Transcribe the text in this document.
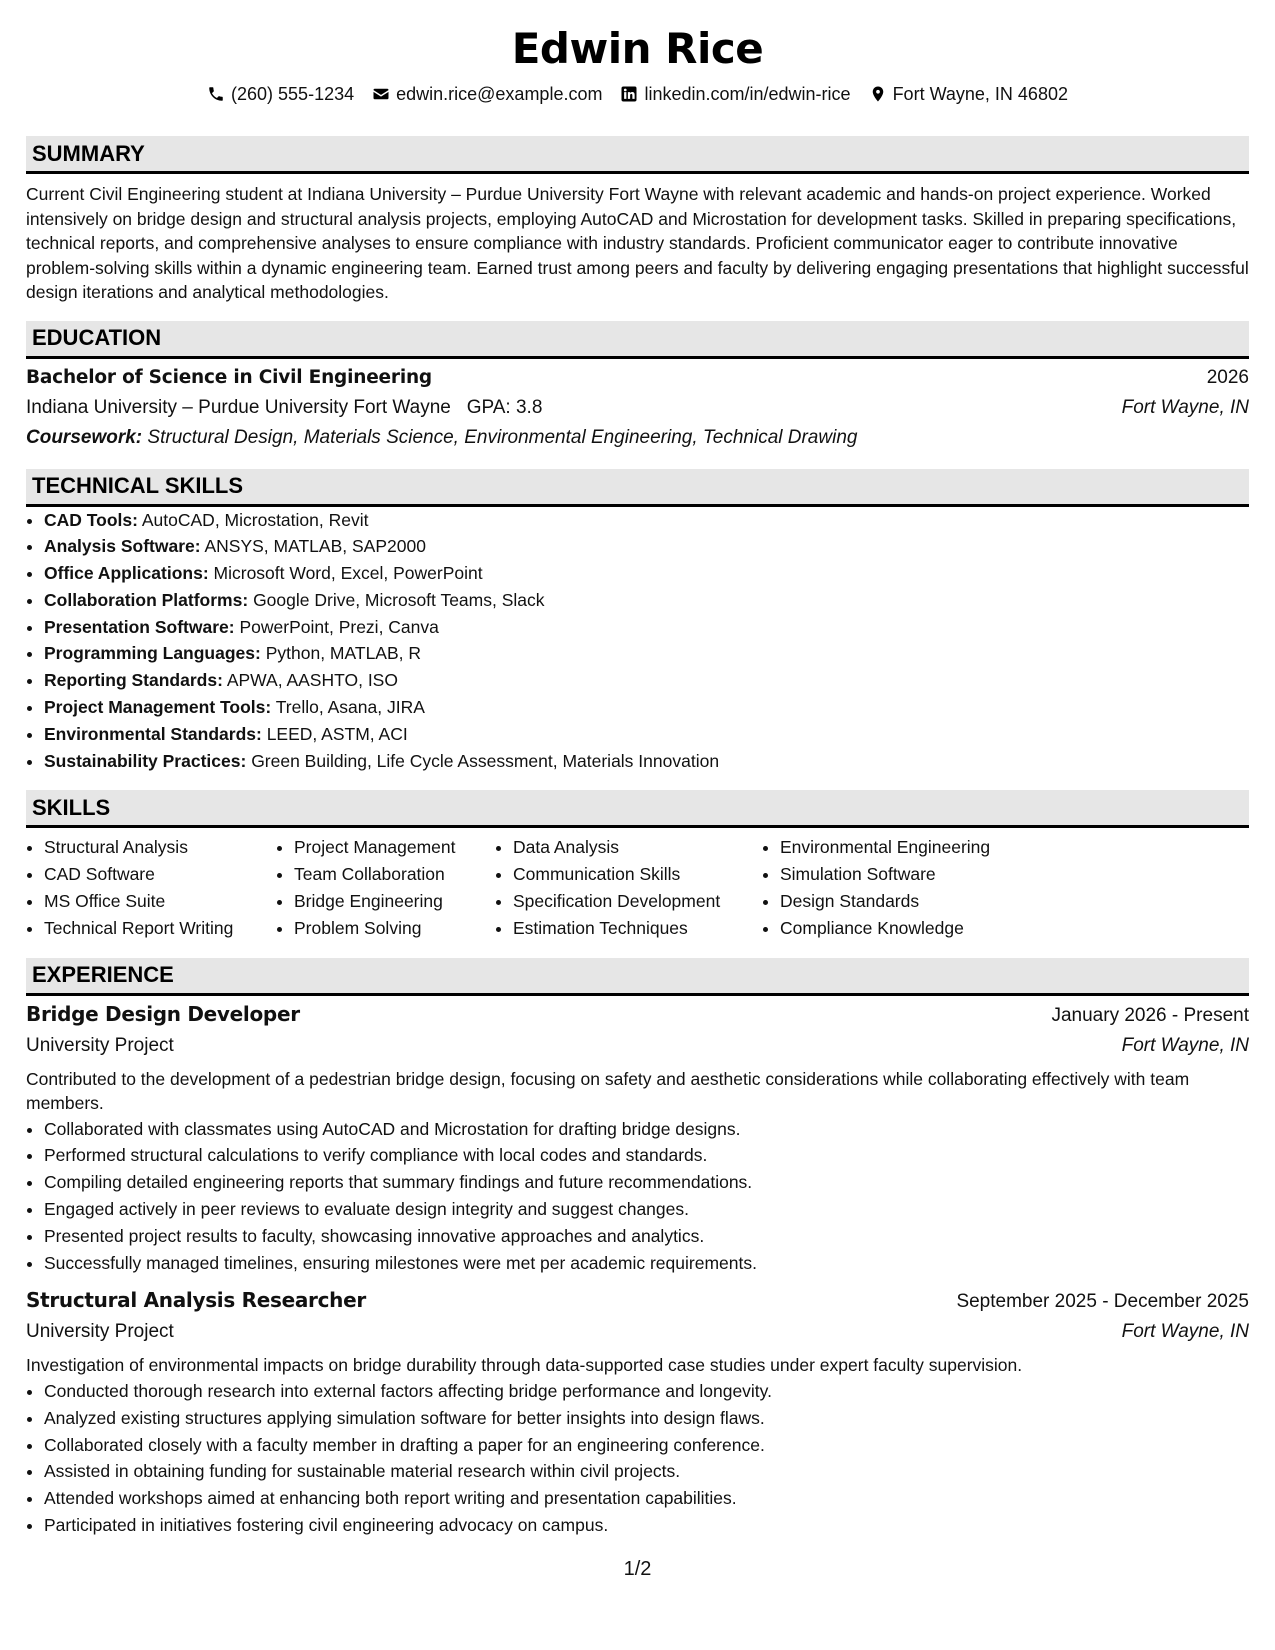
Edwin Rice
(260) 555-1234 edwin.rice@example.com linkedin.com/in/edwin-rice Fort Wayne, IN 46802
SUMMARY

Current Civil Engineering student at Indiana University – Purdue University Fort Wayne with relevant academic and hands-on project experience. Worked intensively on bridge design and structural analysis projects, employing AutoCAD and Microstation for development tasks. Skilled in preparing specifications, technical reports, and comprehensive analyses to ensure compliance with industry standards. Proficient communicator eager to contribute innovative problem-solving skills within a dynamic engineering team. Earned trust among peers and faculty by delivering engaging presentations that highlight successful design iterations and analytical methodologies.

EDUCATION
Bachelor of Science in Civil Engineering	2026
Indiana University – Purdue University Fort Wayne GPA: 3.8	Fort Wayne, IN
Coursework: Structural Design, Materials Science, Environmental Engineering, Technical Drawing
TECHNICAL SKILLS
• CAD Tools: AutoCAD, Microstation, Revit
• Analysis Software: ANSYS, MATLAB, SAP2000
• Office Applications: Microsoft Word, Excel, PowerPoint
• Collaboration Platforms: Google Drive, Microsoft Teams, Slack
• Presentation Software: PowerPoint, Prezi, Canva
• Programming Languages: Python, MATLAB, R
• Reporting Standards: APWA, AASHTO, ISO
• Project Management Tools: Trello, Asana, JIRA
• Environmental Standards: LEED, ASTM, ACI
• Sustainability Practices: Green Building, Life Cycle Assessment, Materials Innovation
SKILLS
• Structural Analysis
• CAD Software
• MS Office Suite
• Technical Report Writing
• Project Management
• Team Collaboration
• Bridge Engineering
• Problem Solving
• Data Analysis
• Communication Skills
• Specification Development
• Estimation Techniques
• Environmental Engineering
• Simulation Software
• Design Standards
• Compliance Knowledge
EXPERIENCE
Bridge Design Developer	January 2026 - Present
University Project	Fort Wayne, IN

Contributed to the development of a pedestrian bridge design, focusing on safety and aesthetic considerations while collaborating effectively with team members.

• Collaborated with classmates using AutoCAD and Microstation for drafting bridge designs.
• Performed structural calculations to verify compliance with local codes and standards.
• Compiling detailed engineering reports that summary findings and future recommendations.
• Engaged actively in peer reviews to evaluate design integrity and suggest changes.
• Presented project results to faculty, showcasing innovative approaches and analytics.
• Successfully managed timelines, ensuring milestones were met per academic requirements.
Structural Analysis Researcher	September 2025 - December 2025
University Project	Fort Wayne, IN

Investigation of environmental impacts on bridge durability through data-supported case studies under expert faculty supervision.

• Conducted thorough research into external factors affecting bridge performance and longevity.
• Analyzed existing structures applying simulation software for better insights into design flaws.
• Collaborated closely with a faculty member in drafting a paper for an engineering conference.
• Assisted in obtaining funding for sustainable material research within civil projects.
• Attended workshops aimed at enhancing both report writing and presentation capabilities.
• Participated in initiatives fostering civil engineering advocacy on campus.
1/2
